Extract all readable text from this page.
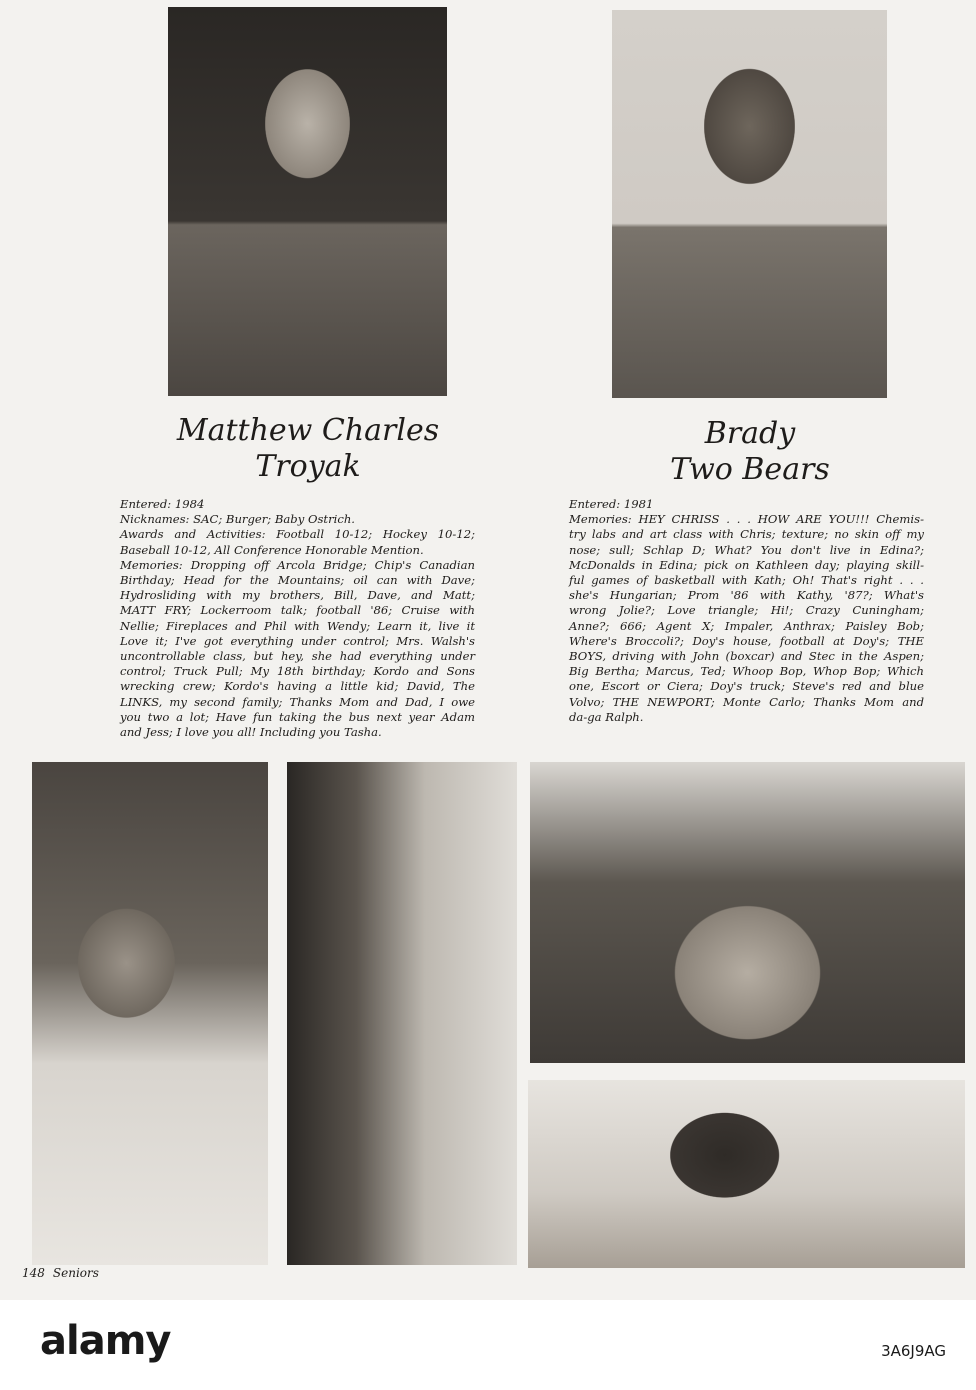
Matthew Charles
Troyak
Brady
Two Bears
Entered: 1984
Nicknames: SAC; Burger; Baby Ostrich.
Awards and Activities: Football 10-12; Hockey 10-12;
Baseball 10-12, All Conference Honorable Mention.
Memories: Dropping off Arcola Bridge; Chip's Canadian
Birthday; Head for the Mountains; oil can with Dave;
Hydrosliding with my brothers, Bill, Dave, and Matt;
MATT FRY; Lockerroom talk; football '86; Cruise with
Nellie; Fireplaces and Phil with Wendy; Learn it, live it
Love it; I've got everything under control; Mrs. Walsh's
uncontrollable class, but hey, she had everything under
control; Truck Pull; My 18th birthday; Kordo and Sons
wrecking crew; Kordo's having a little kid; David, The
LINKS, my second family; Thanks Mom and Dad, I owe
you two a lot; Have fun taking the bus next year Adam
and Jess; I love you all! Including you Tasha.
Entered: 1981
Memories: HEY CHRISS . . . HOW ARE YOU!!! Chemis-
try labs and art class with Chris; texture; no skin off my
nose; sull; Schlap D; What? You don't live in Edina?;
McDonalds in Edina; pick on Kathleen day; playing skill-
ful games of basketball with Kath; Oh! That's right . . .
she's Hungarian; Prom '86 with Kathy, '87?; What's
wrong Jolie?; Love triangle; Hi!; Crazy Cuningham;
Anne?; 666; Agent X; Impaler, Anthrax; Paisley Bob;
Where's Broccoli?; Doy's house, football at Doy's; THE
BOYS, driving with John (boxcar) and Stec in the Aspen;
Big Bertha; Marcus, Ted; Whoop Bop, Whop Bop; Which
one, Escort or Ciera; Doy's truck; Steve's red and blue
Volvo; THE NEWPORT; Monte Carlo; Thanks Mom and
da-ga Ralph.
148 Seniors
alamy	3A6J9AG
